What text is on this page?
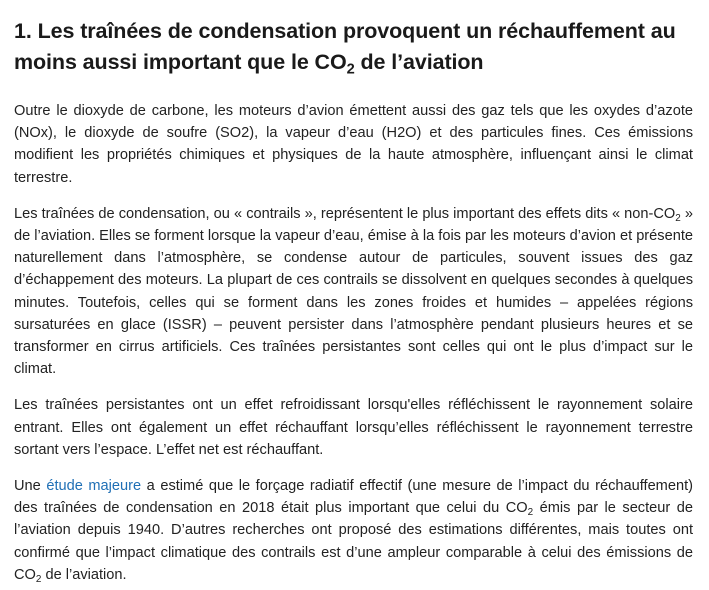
1. Les traînées de condensation provoquent un réchauffement au moins aussi important que le $CO_2$ de l’aviation

Outre le dioxyde de carbone, les moteurs d’avion émettent aussi des gaz tels que les oxydes d’azote (NOx), le dioxyde de soufre (SO2), la vapeur d’eau (H2O) et des particules fines. Ces émissions modifient les propriétés chimiques et physiques de la haute atmosphère, influençant ainsi le climat terrestre.

Les traînées de condensation, ou « contrails », représentent le plus important des effets dits « non-$CO_2$ » de l’aviation. Elles se forment lorsque la vapeur d’eau, émise à la fois par les moteurs d’avion et présente naturellement dans l’atmosphère, se condense autour de particules, souvent issues des gaz d’échappement des moteurs. La plupart de ces contrails se dissolvent en quelques secondes à quelques minutes. Toutefois, celles qui se forment dans les zones froides et humides – appelées régions sursaturées en glace (ISSR) – peuvent persister dans l’atmosphère pendant plusieurs heures et se transformer en cirrus artificiels. Ces traînées persistantes sont celles qui ont le plus d’impact sur le climat.

Les traînées persistantes ont un effet refroidissant lorsqu'elles réfléchissent le rayonnement solaire entrant. Elles ont également un effet réchauffant lorsqu’elles réfléchissent le rayonnement terrestre sortant vers l’espace. L’effet net est réchauffant.

Une étude majeure a estimé que le forçage radiatif effectif (une mesure de l’impact du réchauffement) des traînées de condensation en 2018 était plus important que celui du $CO_2$ émis par le secteur de l’aviation depuis 1940. D’autres recherches ont proposé des estimations différentes, mais toutes ont confirmé que l’impact climatique des contrails est d’une ampleur comparable à celui des émissions de $CO_2$ de l’aviation.
